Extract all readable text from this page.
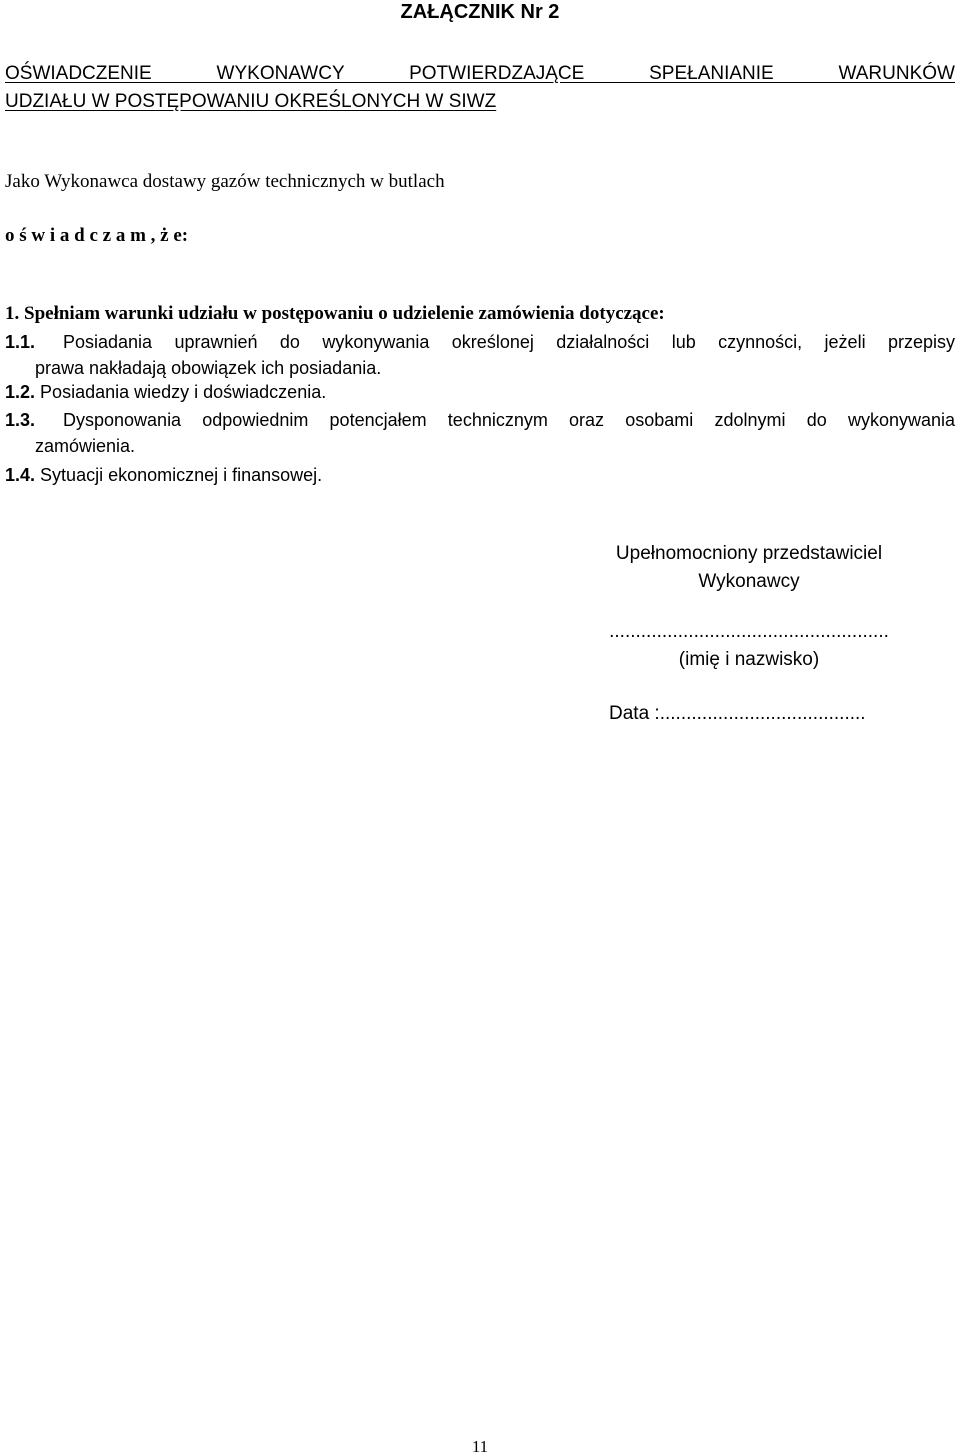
ZAŁĄCZNIK Nr 2
OŚWIADCZENIE WYKONAWCY POTWIERDZAJĄCE SPEŁANIANIE WARUNKÓW
UDZIAŁU W POSTĘPOWANIU OKREŚLONYCH W SIWZ
Jako Wykonawca dostawy gazów technicznych w butlach
o ś w i a d c z a m , ż e:
1. Spełniam warunki udziału w postępowaniu o udzielenie zamówienia dotyczące:
1.1. Posiadania uprawnień do wykonywania określonej działalności lub czynności, jeżeli przepisy
prawa nakładają obowiązek ich posiadania.
1.2. Posiadania wiedzy i doświadczenia.
1.3. Dysponowania odpowiednim potencjałem technicznym oraz osobami zdolnymi do wykonywania
zamówienia.
1.4. Sytuacji ekonomicznej i finansowej.
Upełnomocniony przedstawiciel
Wykonawcy
.....................................................
(imię i nazwisko)
Data :.......................................
11
